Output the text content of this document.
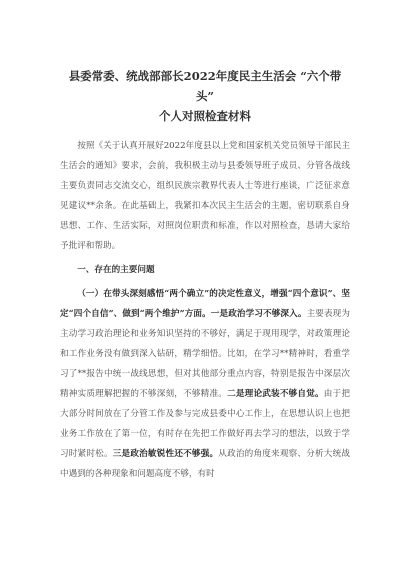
县委常委、统战部部长2022年度民主生活会 “六个带头”
个人对照检查材料

按照《关于认真开展好2022年度县以上党和国家机关党员领导干部民主生活会的通知》要求，会前，我积极主动与县委领导班子成员、分管各战线主要负责同志交流交心，组织民族宗教界代表人士等进行座谈，广泛征求意见建议**余条。在此基础上，我紧扣本次民主生活会的主题，密切联系自身思想、工作、生活实际，对照岗位职责和标准，作以对照检查，恳请大家给予批评和帮助。

一、存在的主要问题

（一）在带头深刻感悟“两个确立”的决定性意义，增强“四个意识”、坚定“四个自信”、做到“两个维护”方面。一是政治学习不够深入。主要表现为主动学习政治理论和业务知识坚持的不够好，满足于现用现学，对政策理论和工作业务没有做到深入钻研，精学细悟。比如，在学习**精神时，看重学习了**报告中统一战线思想，但对其他部分重点内容，特别是报告中深层次精神实质理解把握的不够深刻，不够精准。二是理论武装不够自觉。由于把大部分时间放在了分管工作及参与完成县委中心工作上，在思想认识上也把业务工作放在了第一位，有时存在先把工作做好再去学习的想法，以致于学习时紧时松。三是政治敏锐性还不够强。从政治的角度来观察、分析大统战中遇到的各种现象和问题高度不够，有时
